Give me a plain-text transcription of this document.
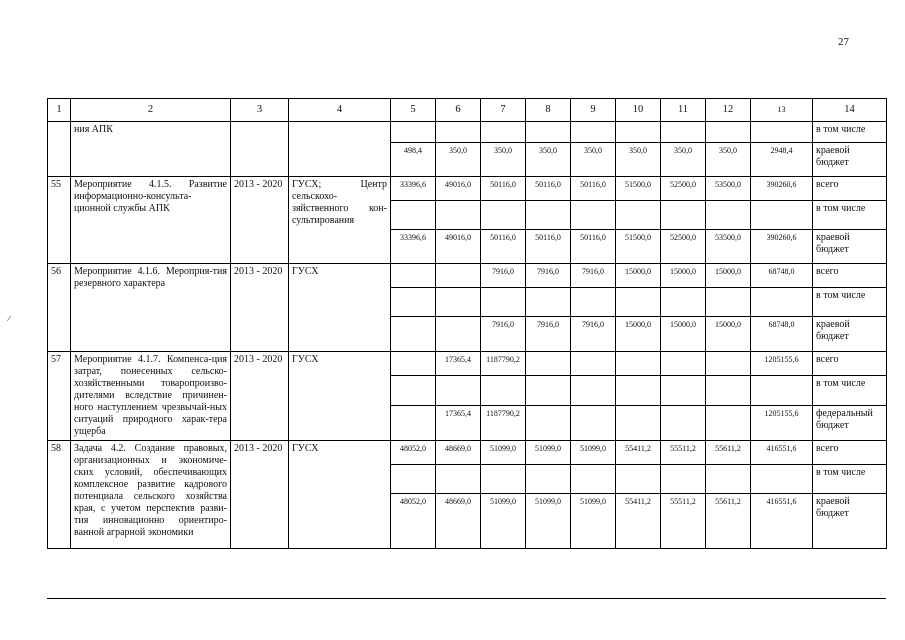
27
1	2	3	4	5	6	7	8	9	10	11	12	13	14
	ния АПК												в том числе
				498,4	350,0	350,0	350,0	350,0	350,0	350,0	350,0	2948,4	краевой бюджет
55	Мероприятие 4.1.5. Развитие информационно-консульта-ционной службы АПК	2013 - 2020	ГУСХ; Центр сельскохо-зяйственного кон-сультирования	33396,6	49016,0	50116,0	50116,0	50116,0	51500,0	52500,0	53500,0	390260,6	всего
													в том числе
				33396,6	49016,0	50116,0	50116,0	50116,0	51500,0	52500,0	53500,0	390260,6	краевой бюджет
56	Мероприятие 4.1.6. Мероприя-тия резервного характера	2013 - 2020	ГУСХ			7916,0	7916,0	7916,0	15000,0	15000,0	15000,0	68748,0	всего
													в том числе
						7916,0	7916,0	7916,0	15000,0	15000,0	15000,0	68748,0	краевой бюджет
57	Мероприятие 4.1.7. Компенса-ция затрат, понесенных сельско-хозяйственными товаропроизво-дителями вследствие причинен-ного наступлением чрезвычай-ных ситуаций природного харак-тера ущерба	2013 - 2020	ГУСХ		17365,4	1187790,2						1205155,6	всего
													в том числе
					17365,4	1187790,2						1205155,6	федеральный бюджет
58	Задача 4.2. Создание правовых, организационных и экономиче-ских условий, обеспечивающих комплексное развитие кадрового потенциала сельского хозяйства края, с учетом перспектив разви-тия инновационно ориентиро-ванной аграрной экономики	2013 - 2020	ГУСХ	48052,0	48669,0	51099,0	51099,0	51099,0	55411,2	55511,2	55611,2	416551,6	всего
													в том числе
				48052,0	48669,0	51099,0	51099,0	51099,0	55411,2	55511,2	55611,2	416551,6	краевой бюджет
